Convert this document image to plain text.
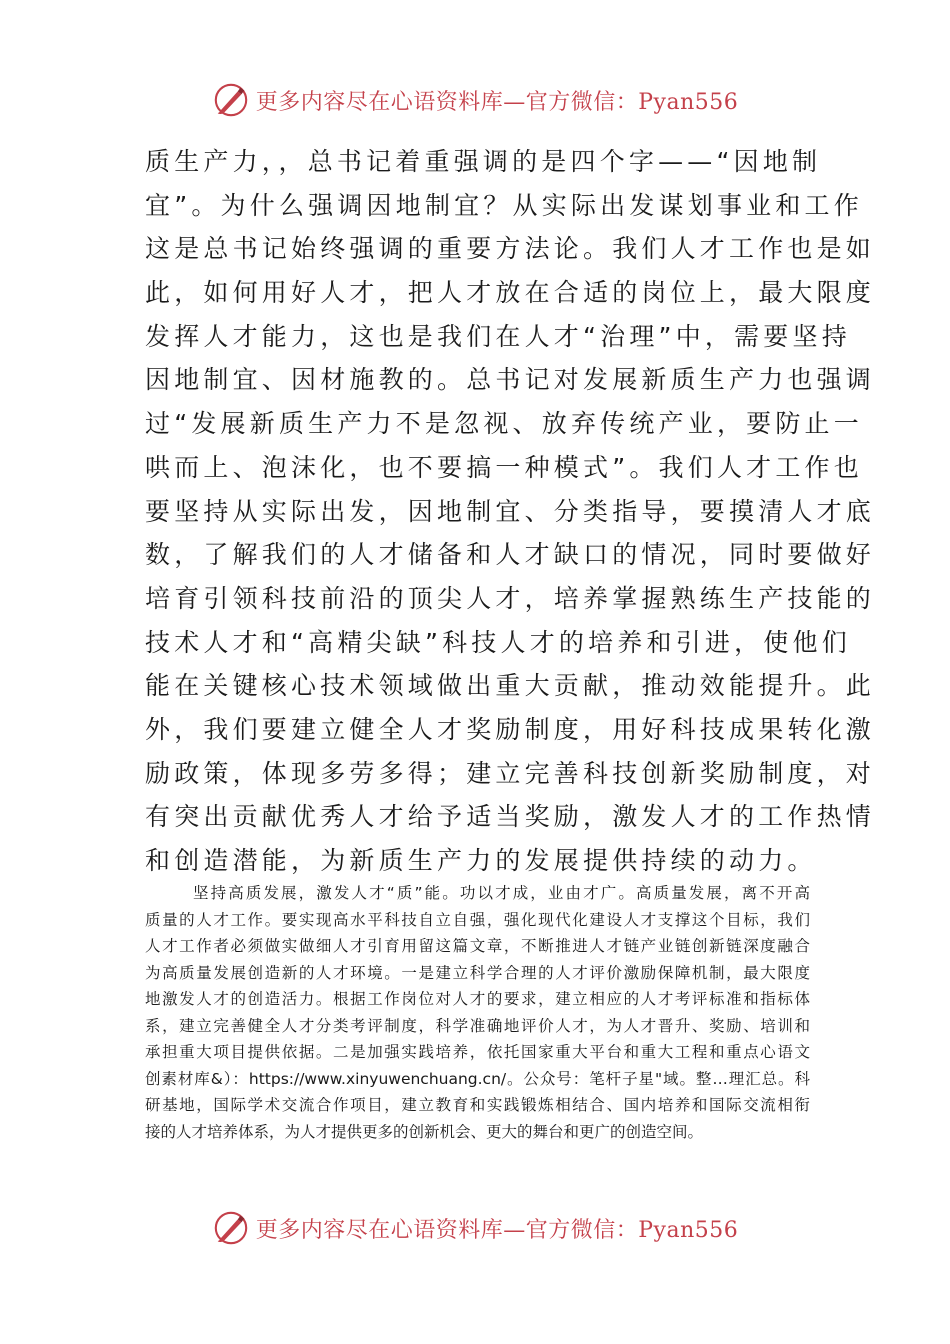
更多内容尽在心语资料库—官方微信：Pyan556
质生产力，，总书记着重强调的是四个字——“因地制
宜”。为什么强调因地制宜？从实际出发谋划事业和工作
这是总书记始终强调的重要方法论。我们人才工作也是如
此，如何用好人才，把人才放在合适的岗位上，最大限度
发挥人才能力，这也是我们在人才“治理”中，需要坚持
因地制宜、因材施教的。总书记对发展新质生产力也强调
过“发展新质生产力不是忽视、放弃传统产业，要防止一
哄而上、泡沫化，也不要搞一种模式”。我们人才工作也
要坚持从实际出发，因地制宜、分类指导，要摸清人才底
数，了解我们的人才储备和人才缺口的情况，同时要做好
培育引领科技前沿的顶尖人才，培养掌握熟练生产技能的
技术人才和“高精尖缺”科技人才的培养和引进，使他们
能在关键核心技术领域做出重大贡献，推动效能提升。此
外，我们要建立健全人才奖励制度，用好科技成果转化激
励政策，体现多劳多得；建立完善科技创新奖励制度，对
有突出贡献优秀人才给予适当奖励，激发人才的工作热情
和创造潜能，为新质生产力的发展提供持续的动力。
坚持高质发展，激发人才“质”能。功以才成，业由才广。高质量发展，离不开高
质量的人才工作。要实现高水平科技自立自强，强化现代化建设人才支撑这个目标，我们
人才工作者必须做实做细人才引育用留这篇文章，不断推进人才链产业链创新链深度融合
为高质量发展创造新的人才环境。一是建立科学合理的人才评价激励保障机制，最大限度
地激发人才的创造活力。根据工作岗位对人才的要求，建立相应的人才考评标准和指标体
系，建立完善健全人才分类考评制度，科学准确地评价人才，为人才晋升、奖励、培训和
承担重大项目提供依据。二是加强实践培养，依托国家重大平台和重大工程和重点心语文
创素材库&）：https://www.xinyuwenchuang.cn/。公众号：笔杆子星"域。整…理汇总。科
研基地，国际学术交流合作项目，建立教育和实践锻炼相结合、国内培养和国际交流相衔
接的人才培养体系，为人才提供更多的创新机会、更大的舞台和更广的创造空间。
更多内容尽在心语资料库—官方微信：Pyan556
